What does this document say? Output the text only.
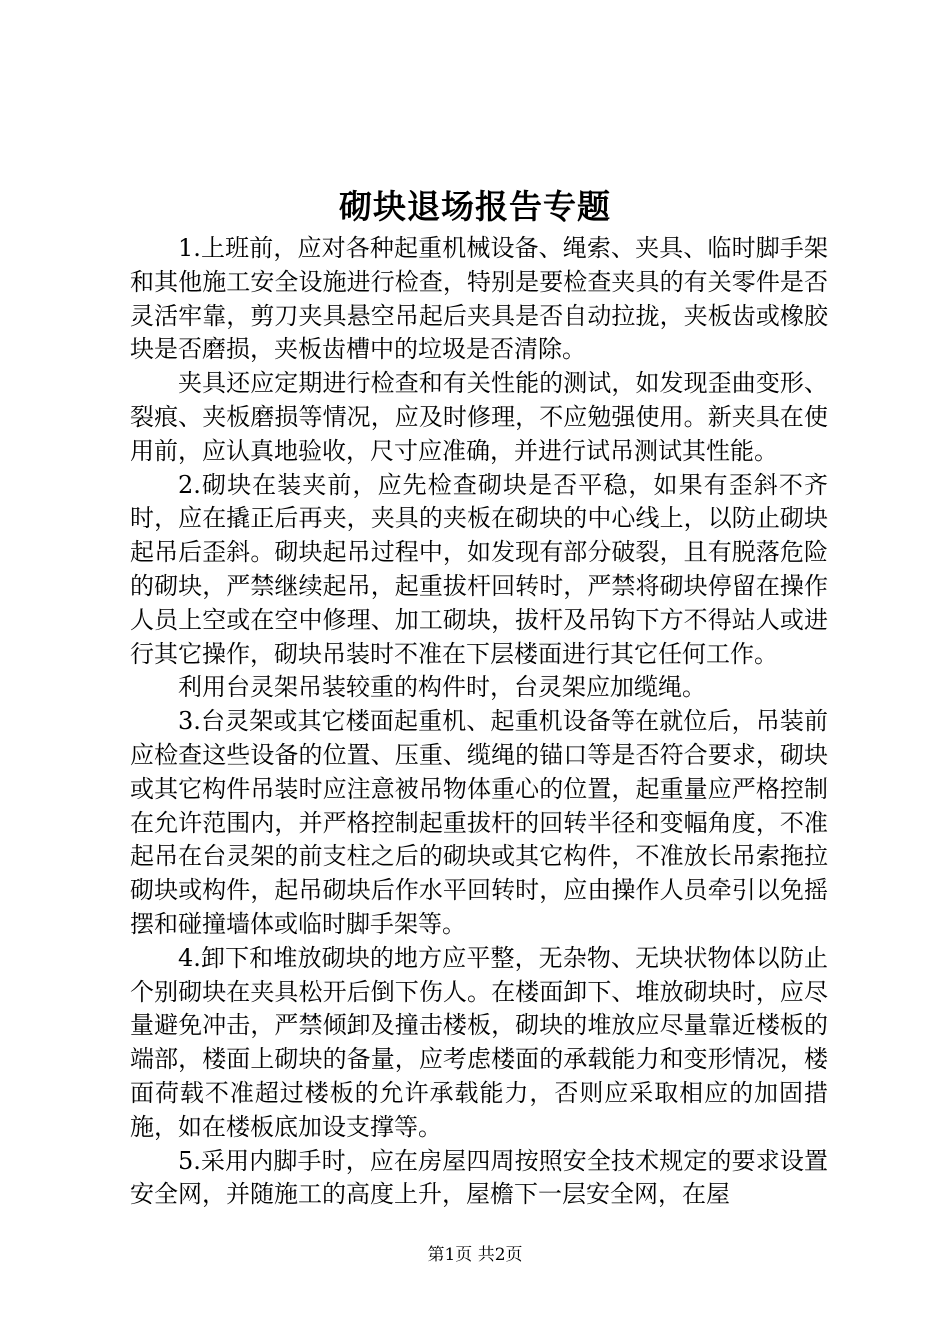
砌块退场报告专题

1.上班前，应对各种起重机械设备、绳索、夹具、临时脚手架和其他施工安全设施进行检查，特别是要检查夹具的有关零件是否灵活牢靠，剪刀夹具悬空吊起后夹具是否自动拉拢，夹板齿或橡胶块是否磨损，夹板齿槽中的垃圾是否清除。

夹具还应定期进行检查和有关性能的测试，如发现歪曲变形、裂痕、夹板磨损等情况，应及时修理，不应勉强使用。新夹具在使用前，应认真地验收，尺寸应准确，并进行试吊测试其性能。

2.砌块在装夹前，应先检查砌块是否平稳，如果有歪斜不齐时，应在撬正后再夹，夹具的夹板在砌块的中心线上，以防止砌块起吊后歪斜。砌块起吊过程中，如发现有部分破裂，且有脱落危险的砌块，严禁继续起吊，起重拔杆回转时，严禁将砌块停留在操作人员上空或在空中修理、加工砌块，拔杆及吊钩下方不得站人或进行其它操作，砌块吊装时不准在下层楼面进行其它任何工作。

利用台灵架吊装较重的构件时，台灵架应加缆绳。

3.台灵架或其它楼面起重机、起重机设备等在就位后，吊装前应检查这些设备的位置、压重、缆绳的锚口等是否符合要求，砌块或其它构件吊装时应注意被吊物体重心的位置，起重量应严格控制在允许范围内，并严格控制起重拔杆的回转半径和变幅角度，不准起吊在台灵架的前支柱之后的砌块或其它构件，不准放长吊索拖拉砌块或构件，起吊砌块后作水平回转时，应由操作人员牵引以免摇摆和碰撞墙体或临时脚手架等。

4.卸下和堆放砌块的地方应平整，无杂物、无块状物体以防止个别砌块在夹具松开后倒下伤人。在楼面卸下、堆放砌块时，应尽量避免冲击，严禁倾卸及撞击楼板，砌块的堆放应尽量靠近楼板的端部，楼面上砌块的备量，应考虑楼面的承载能力和变形情况，楼面荷载不准超过楼板的允许承载能力，否则应采取相应的加固措施，如在楼板底加设支撑等。

5.采用内脚手时，应在房屋四周按照安全技术规定的要求设置安全网，并随施工的高度上升，屋檐下一层安全网，在屋

第1页 共2页
